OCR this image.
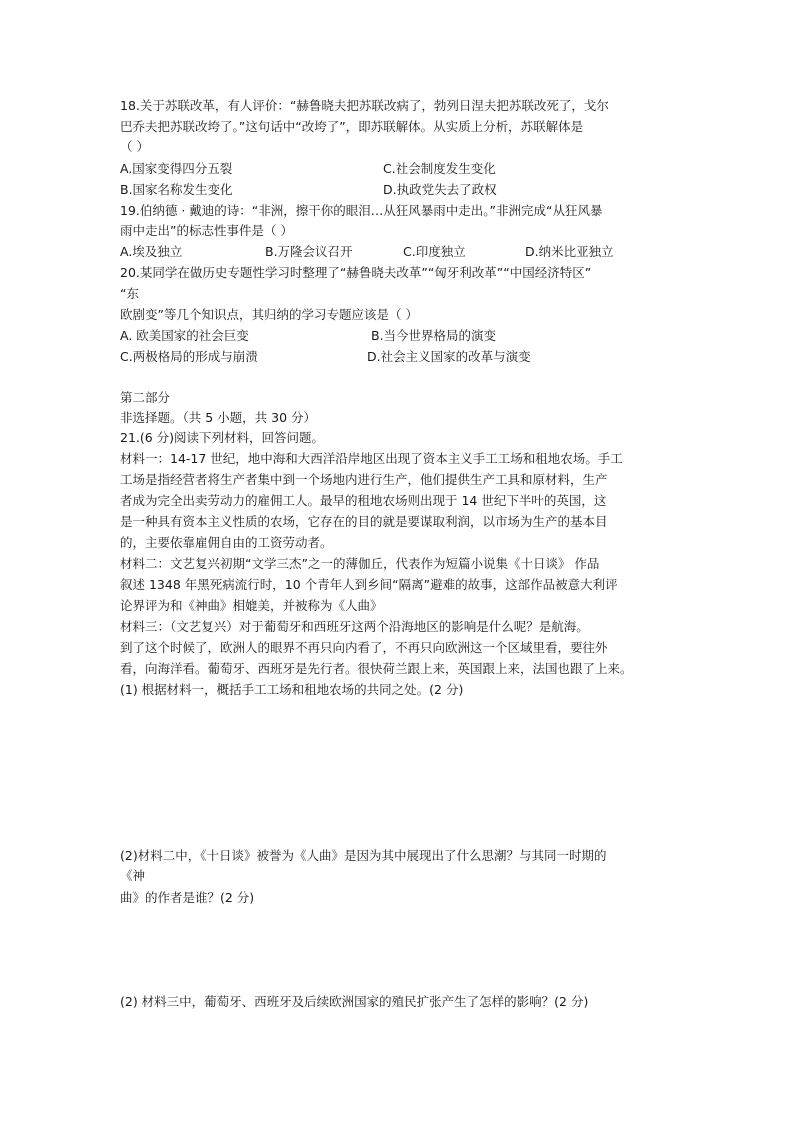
18.关于苏联改革，有人评价：“赫鲁晓夫把苏联改病了，勃列日涅夫把苏联改死了，戈尔
巴乔夫把苏联改垮了。”这句话中“改垮了”，即苏联解体。从实质上分析，苏联解体是
（ ）
A.国家变得四分五裂	C.社会制度发生变化
B.国家名称发生变化	D.执政党失去了政权
19.伯纳德 · 戴迪的诗：“非洲，擦干你的眼泪…从狂风暴雨中走出。”非洲完成“从狂风暴
雨中走出”的标志性事件是（ ）
A.埃及独立	B.万隆会议召开	C.印度独立	D.纳米比亚独立
20.某同学在做历史专题性学习时整理了“赫鲁晓夫改革”“匈牙利改革”“中国经济特区”
“东
欧剧变”等几个知识点，其归纳的学习专题应该是（ ）
A. 欧美国家的社会巨变	B.当今世界格局的演变
C.两极格局的形成与崩溃	D.社会主义国家的改革与演变
第二部分
非选择题。（共 5 小题，共 30 分）
21.(6 分)阅读下列材料，回答问题。
材料一：14-17 世纪，地中海和大西洋沿岸地区出现了资本主义手工工场和租地农场。手工
工场是指经营者将生产者集中到一个场地内进行生产，他们提供生产工具和原材料，生产
者成为完全出卖劳动力的雇佣工人。最早的租地农场则出现于 14 世纪下半叶的英国，这
是一种具有资本主义性质的农场，它存在的目的就是要谋取利润，以市场为生产的基本目
的，主要依靠雇佣自由的工资劳动者。
材料二：文艺复兴初期“文学三杰”之一的薄伽丘，代表作为短篇小说集《十日谈》 作品
叙述 1348 年黑死病流行时，10 个青年人到乡间“隔离”避难的故事，这部作品被意大利评
论界评为和《神曲》相媲美，并被称为《人曲》
材料三：（文艺复兴）对于葡萄牙和西班牙这两个沿海地区的影响是什么呢？是航海。
到了这个时候了，欧洲人的眼界不再只向内看了，不再只向欧洲这一个区域里看，要往外
看，向海洋看。葡萄牙、西班牙是先行者。很快荷兰跟上来，英国跟上来，法国也跟了上来。
(1) 根据材料一，概括手工工场和租地农场的共同之处。(2 分)
(2)材料二中，《十日谈》被誉为《人曲》是因为其中展现出了什么思潮？与其同一时期的
《神
曲》的作者是谁？(2 分)
(2) 材料三中，葡萄牙、西班牙及后续欧洲国家的殖民扩张产生了怎样的影响？(2 分)
